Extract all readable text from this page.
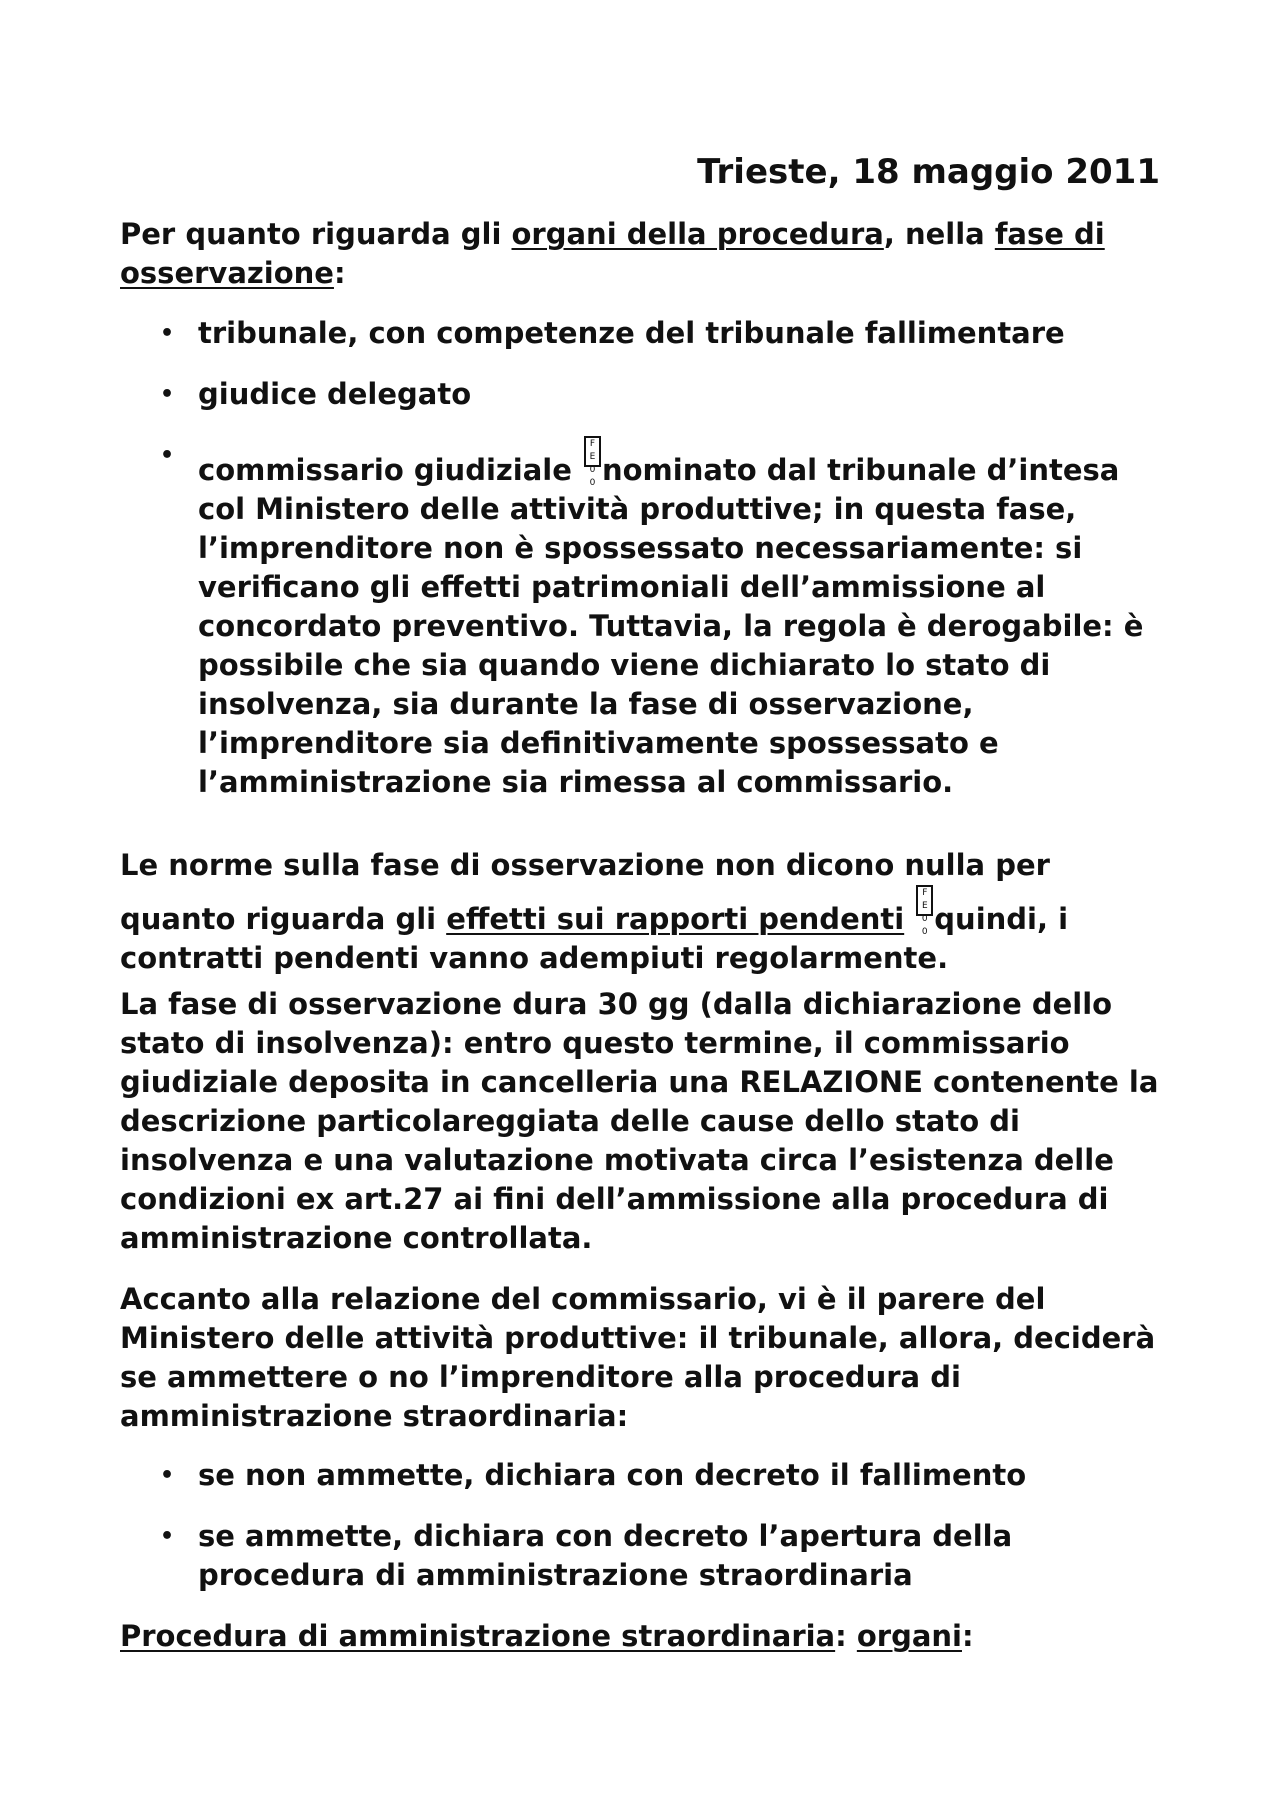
Trieste, 18 maggio 2011

Per quanto riguarda gli organi della procedura, nella fase di osservazione:

• tribunale, con competenze del tribunale fallimentare
• giudice delegato
• commissario giudiziale F E 0 0 nominato dal tribunale d’intesa col Ministero delle attività produttive; in questa fase, l’imprenditore non è spossessato necessariamente: si verificano gli effetti patrimoniali dell’ammissione al concordato preventivo. Tuttavia, la regola è derogabile: è possibile che sia quando viene dichiarato lo stato di insolvenza, sia durante la fase di osservazione, l’imprenditore sia definitivamente spossessato e l’amministrazione sia rimessa al commissario.

Le norme sulla fase di osservazione non dicono nulla per quanto riguarda gli effetti sui rapporti pendenti F E 0 0 quindi, i contratti pendenti vanno adempiuti regolarmente.

La fase di osservazione dura 30 gg (dalla dichiarazione dello stato di insolvenza): entro questo termine, il commissario giudiziale deposita in cancelleria una RELAZIONE contenente la descrizione particolareggiata delle cause dello stato di insolvenza e una valutazione motivata circa l’esistenza delle condizioni ex art.27 ai fini dell’ammissione alla procedura di amministrazione controllata.

Accanto alla relazione del commissario, vi è il parere del Ministero delle attività produttive: il tribunale, allora, deciderà se ammettere o no l’imprenditore alla procedura di amministrazione straordinaria:

• se non ammette, dichiara con decreto il fallimento
• se ammette, dichiara con decreto l’apertura della procedura di amministrazione straordinaria

Procedura di amministrazione straordinaria: organi:
